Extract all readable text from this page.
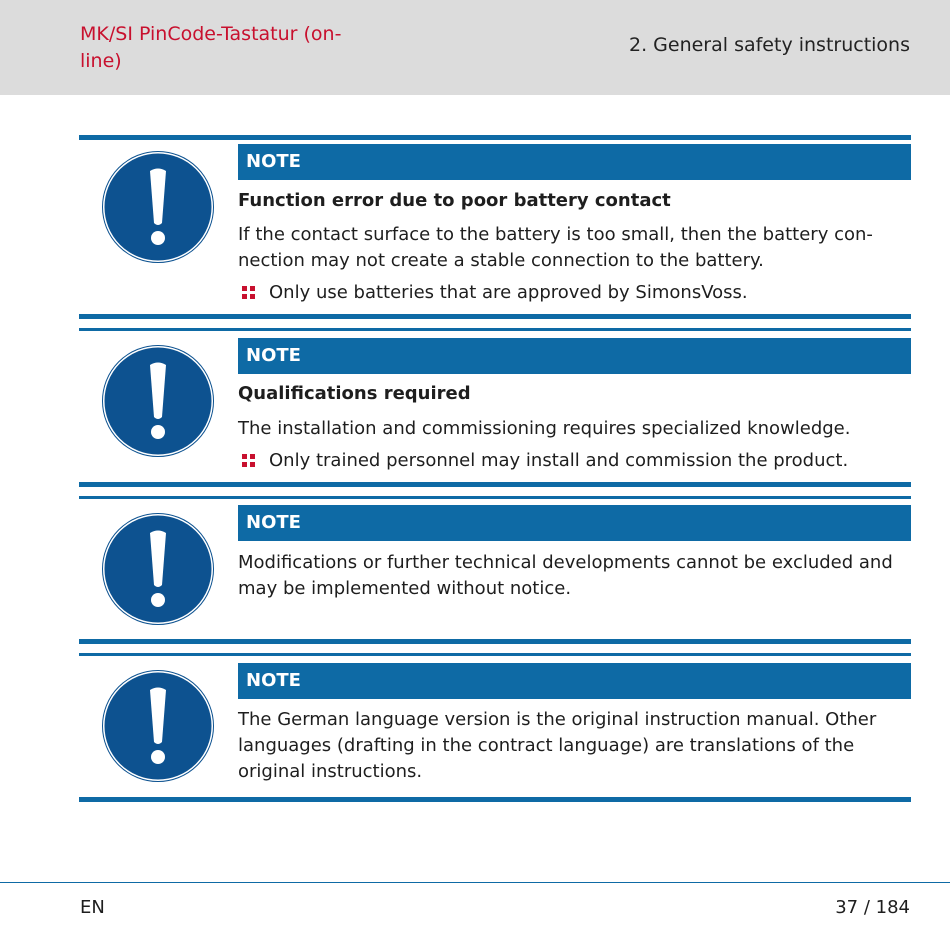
MK/SI PinCode-Tastatur (on-line)
2. General safety instructions
NOTE
Function error due to poor battery contact
If the contact surface to the battery is too small, then the battery con-nection may not create a stable connection to the battery.
Only use batteries that are approved by SimonsVoss.
NOTE
Qualifications required
The installation and commissioning requires specialized knowledge.
Only trained personnel may install and commission the product.
NOTE
Modifications or further technical developments cannot be excluded and may be implemented without notice.
NOTE
The German language version is the original instruction manual. Other languages (drafting in the contract language) are translations of the original instructions.
EN	37 / 184
